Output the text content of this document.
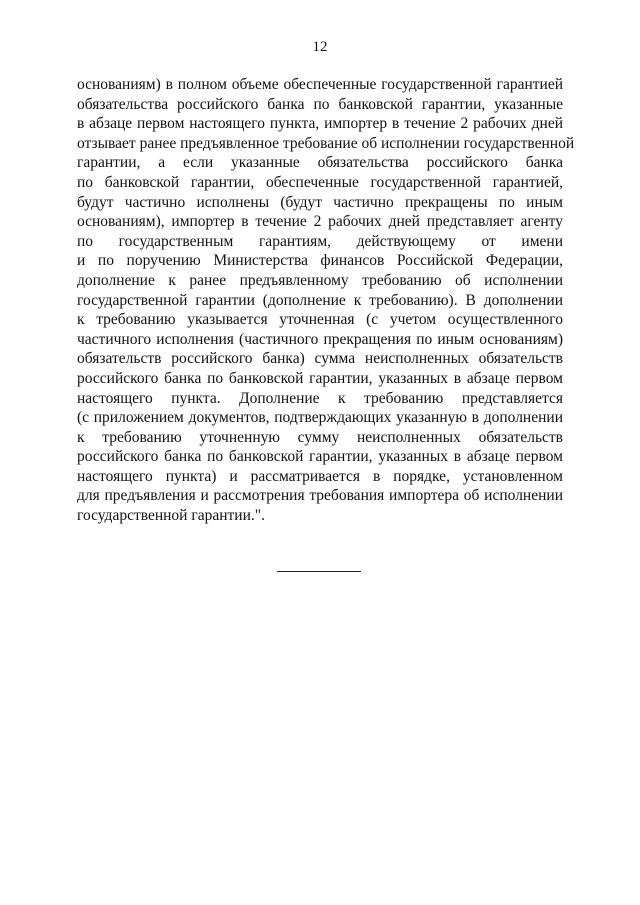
12
основаниям) в полном объеме обеспеченные государственной гарантией
обязательства российского банка по банковской гарантии, указанные
в абзаце первом настоящего пункта, импортер в течение 2 рабочих дней
отзывает ранее предъявленное требование об исполнении государственной
гарантии, а если указанные обязательства российского банка
по банковской гарантии, обеспеченные государственной гарантией,
будут частично исполнены (будут частично прекращены по иным
основаниям), импортер в течение 2 рабочих дней представляет агенту
по государственным гарантиям, действующему от имени
и по поручению Министерства финансов Российской Федерации,
дополнение к ранее предъявленному требованию об исполнении
государственной гарантии (дополнение к требованию). В дополнении
к требованию указывается уточненная (с учетом осуществленного
частичного исполнения (частичного прекращения по иным основаниям)
обязательств российского банка) сумма неисполненных обязательств
российского банка по банковской гарантии, указанных в абзаце первом
настоящего пункта. Дополнение к требованию представляется
(с приложением документов, подтверждающих указанную в дополнении
к требованию уточненную сумму неисполненных обязательств
российского банка по банковской гарантии, указанных в абзаце первом
настоящего пункта) и рассматривается в порядке, установленном
для предъявления и рассмотрения требования импортера об исполнении
государственной гарантии.".
